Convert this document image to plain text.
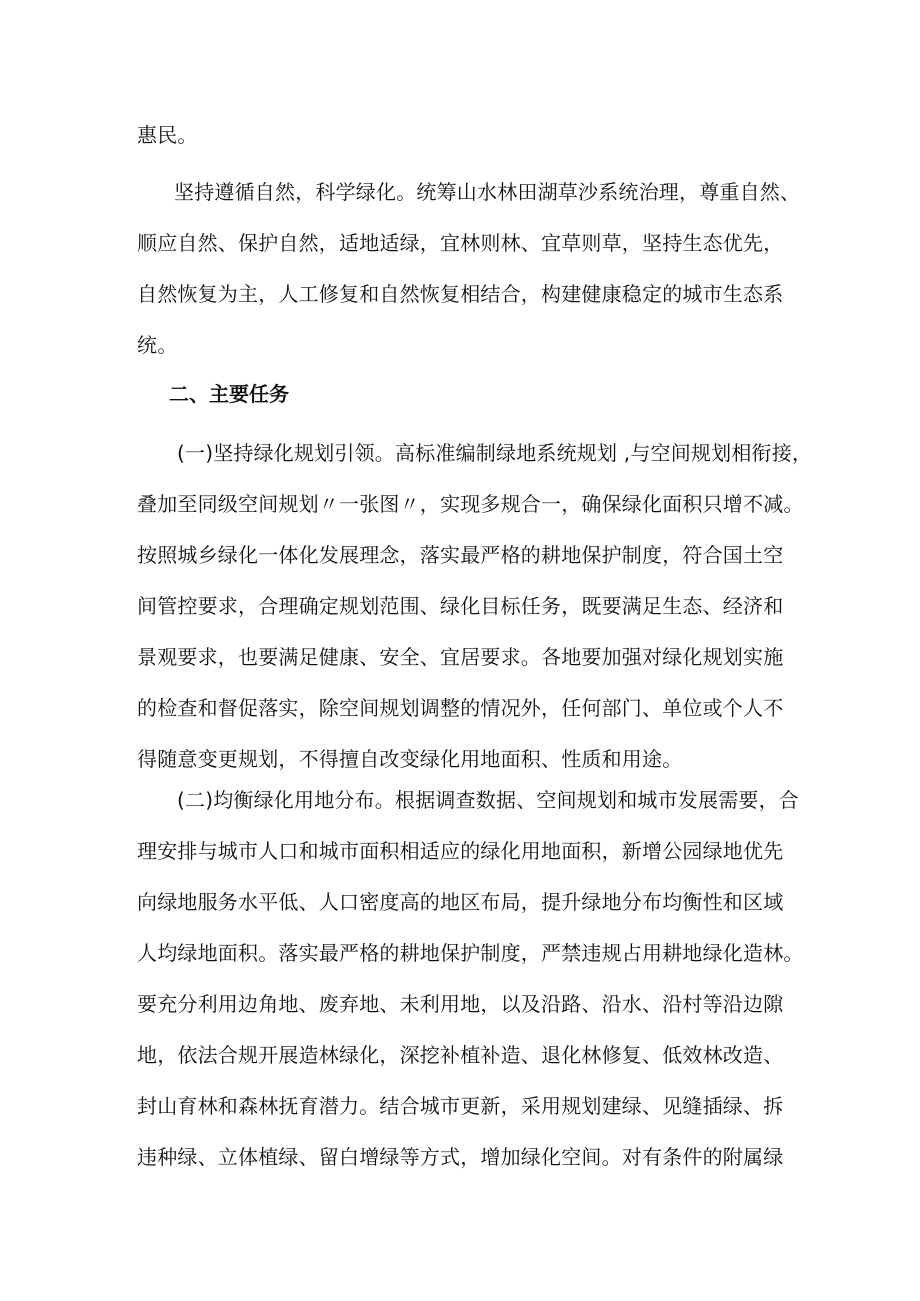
惠民。
坚持遵循自然，科学绿化。统筹山水林田湖草沙系统治理，尊重自然、
顺应自然、保护自然，适地适绿，宜林则林、宜草则草，坚持生态优先，
自然恢复为主，人工修复和自然恢复相结合，构建健康稳定的城市生态系
统。
二、主要任务
(一)坚持绿化规划引领。高标准编制绿地系统规划 ,与空间规划相衔接，
叠加至同级空间规划〃一张图〃，实现多规合一，确保绿化面积只增不减。
按照城乡绿化一体化发展理念，落实最严格的耕地保护制度，符合国土空
间管控要求，合理确定规划范围、绿化目标任务，既要满足生态、经济和
景观要求，也要满足健康、安全、宜居要求。各地要加强对绿化规划实施
的检查和督促落实，除空间规划调整的情况外，任何部门、单位或个人不
得随意变更规划，不得擅自改变绿化用地面积、性质和用途。
(二)均衡绿化用地分布。根据调查数据、空间规划和城市发展需要，合
理安排与城市人口和城市面积相适应的绿化用地面积，新增公园绿地优先
向绿地服务水平低、人口密度高的地区布局，提升绿地分布均衡性和区域
人均绿地面积。落实最严格的耕地保护制度，严禁违规占用耕地绿化造林。
要充分利用边角地、废弃地、未利用地，以及沿路、沿水、沿村等沿边隙
地，依法合规开展造林绿化，深挖补植补造、退化林修复、低效林改造、
封山育林和森林抚育潜力。结合城市更新，采用规划建绿、见缝插绿、拆
违种绿、立体植绿、留白增绿等方式，增加绿化空间。对有条件的附属绿
